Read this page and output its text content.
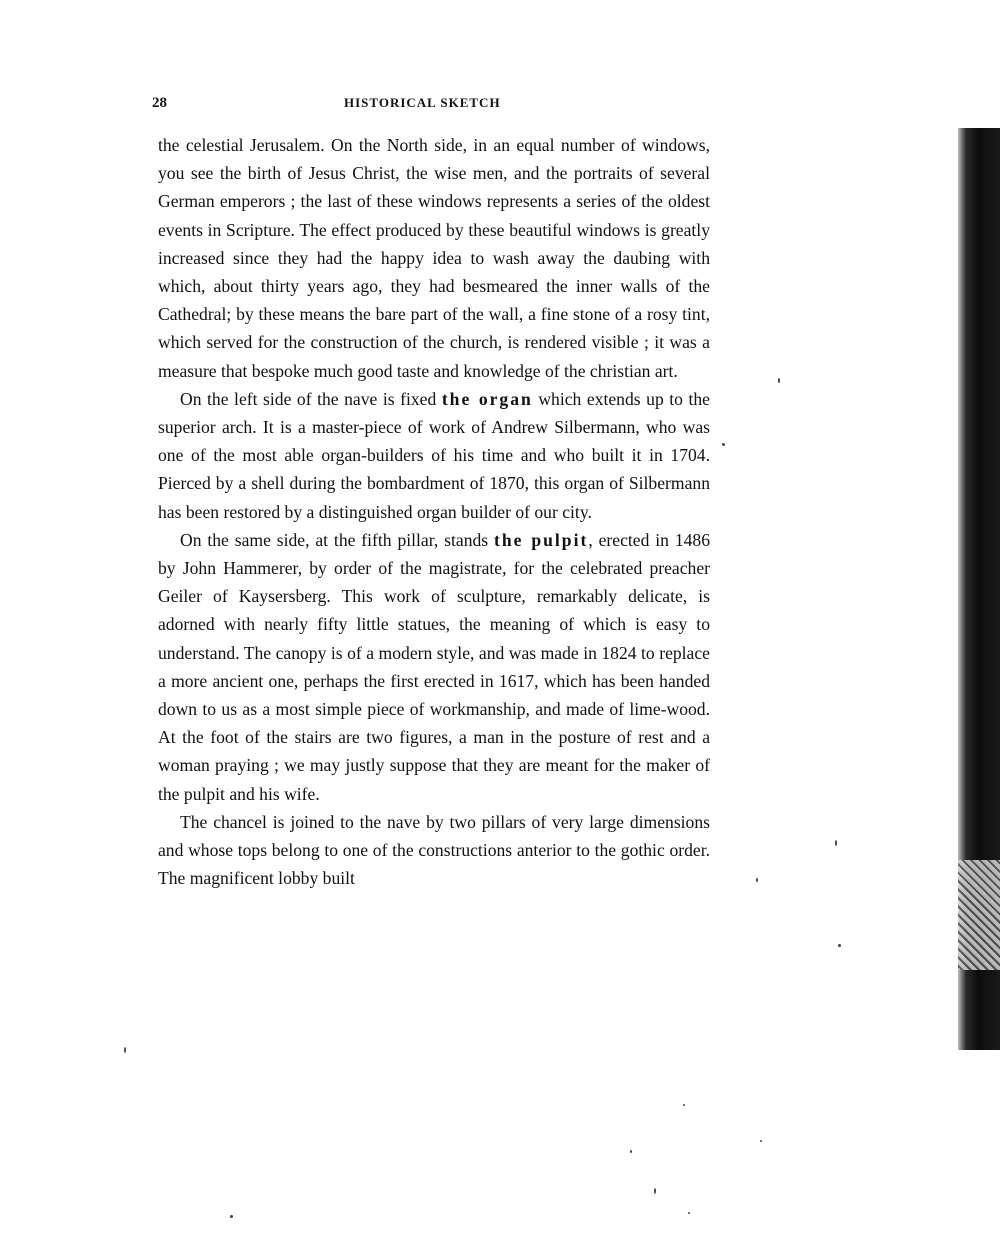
28	HISTORICAL SKETCH

the celestial Jerusalem. On the North side, in an equal number of windows, you see the birth of Jesus Christ, the wise men, and the portraits of several German emperors ; the last of these windows represents a series of the oldest events in Scripture. The effect produced by these beautiful windows is greatly increased since they had the happy idea to wash away the daubing with which, about thirty years ago, they had besmeared the inner walls of the Cathedral; by these means the bare part of the wall, a fine stone of a rosy tint, which served for the construction of the church, is rendered visible ; it was a measure that bespoke much good taste and knowledge of the christian art.

On the left side of the nave is fixed the organ which extends up to the superior arch. It is a master-piece of work of Andrew Silbermann, who was one of the most able organ-builders of his time and who built it in 1704. Pierced by a shell during the bombardment of 1870, this organ of Silbermann has been restored by a distinguished organ builder of our city.

On the same side, at the fifth pillar, stands the pulpit, erected in 1486 by John Hammerer, by order of the magistrate, for the celebrated preacher Geiler of Kaysersberg. This work of sculpture, remarkably delicate, is adorned with nearly fifty little statues, the meaning of which is easy to understand. The canopy is of a modern style, and was made in 1824 to replace a more ancient one, perhaps the first erected in 1617, which has been handed down to us as a most simple piece of workmanship, and made of lime-wood. At the foot of the stairs are two figures, a man in the posture of rest and a woman praying ; we may justly suppose that they are meant for the maker of the pulpit and his wife.

The chancel is joined to the nave by two pillars of very large dimensions and whose tops belong to one of the constructions anterior to the gothic order. The magnificent lobby built
